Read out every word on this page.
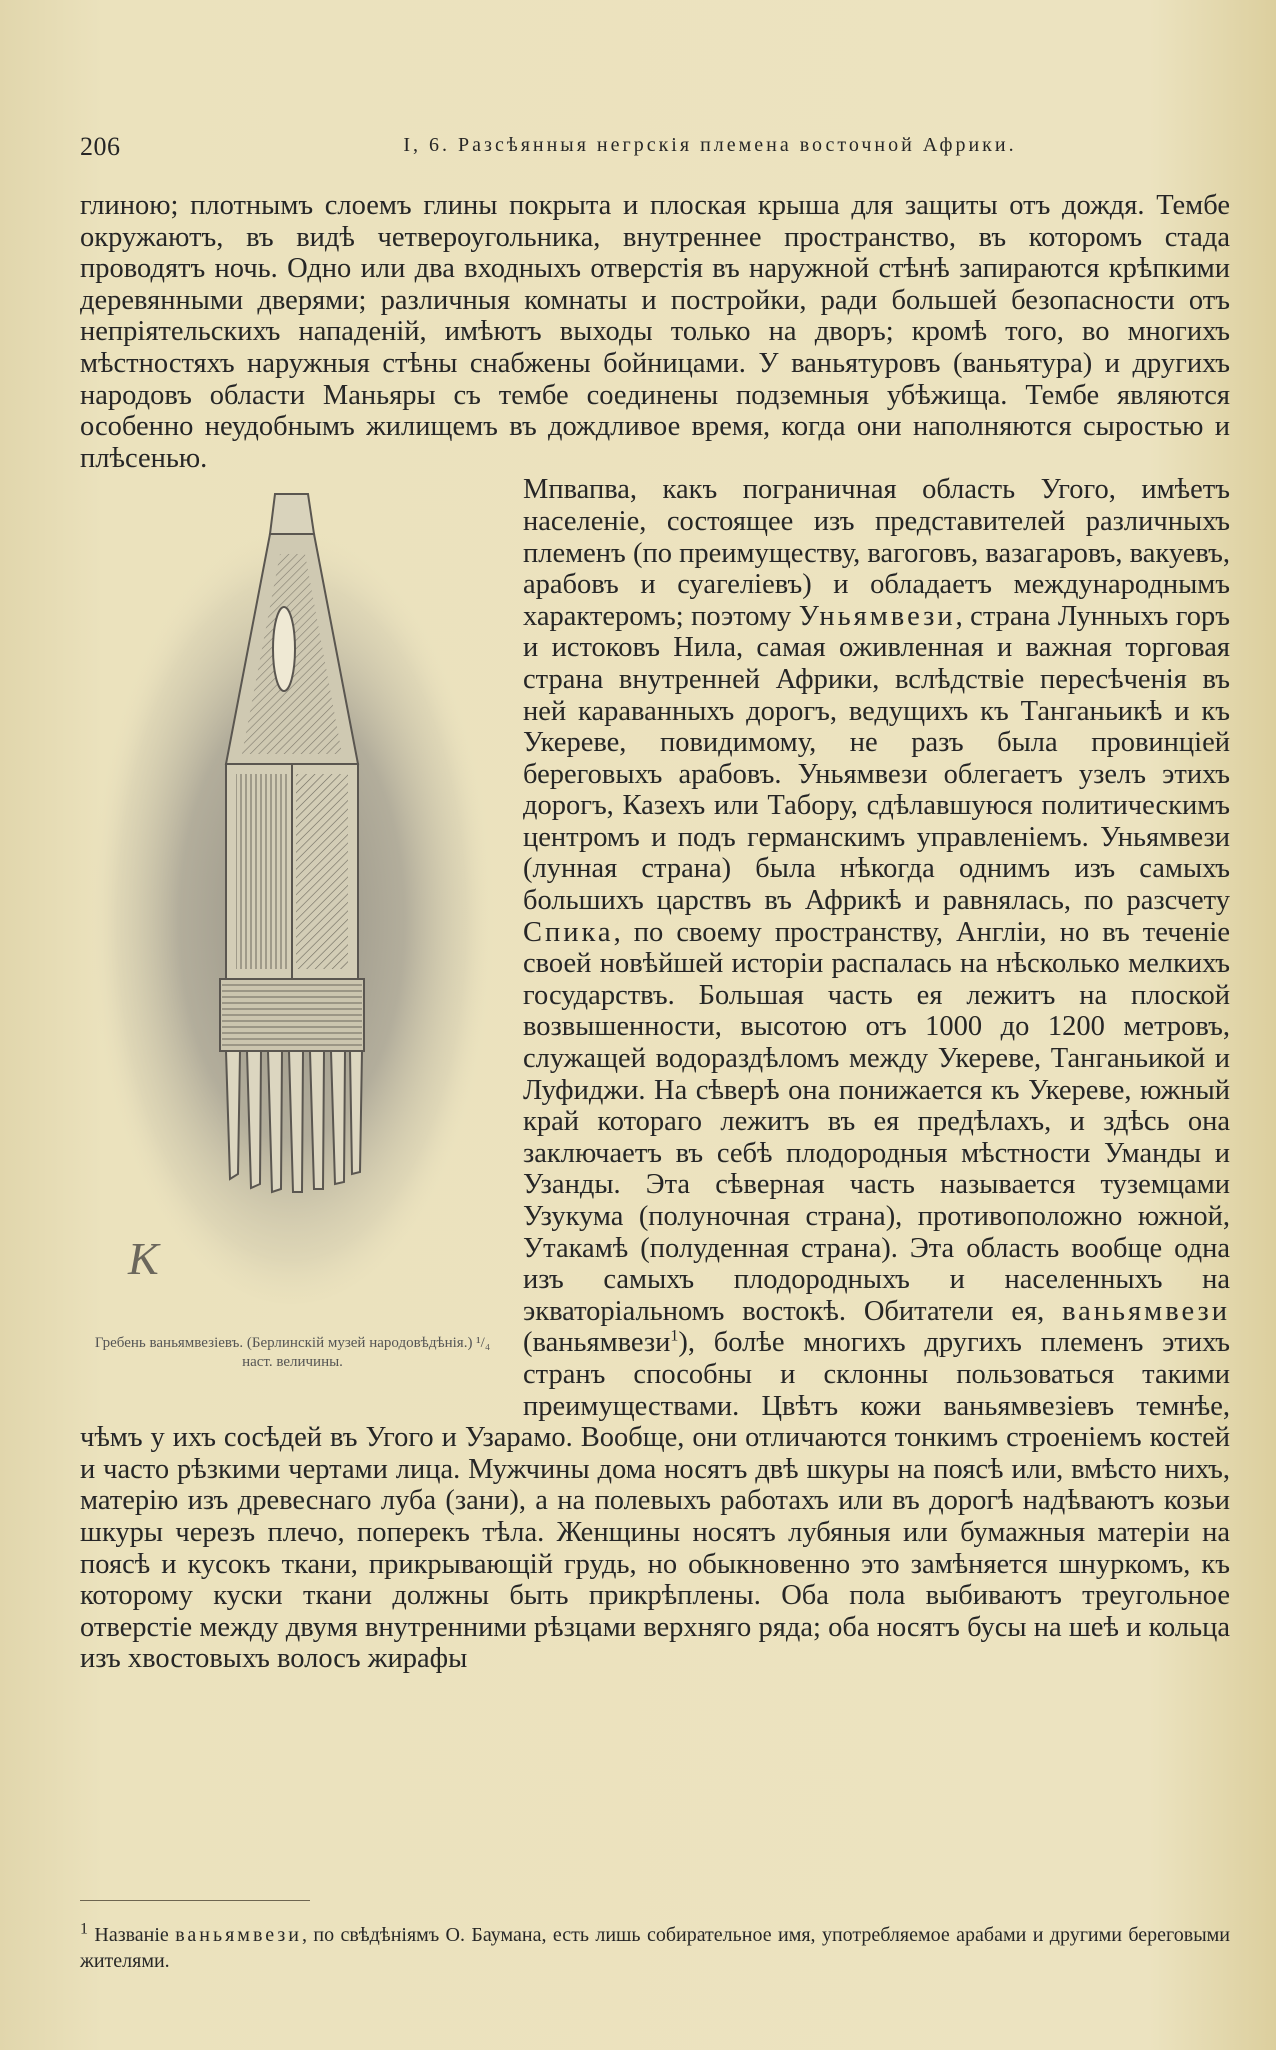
206	I, 6. Разсѣянныя негрскія племена восточной Африки.

глиною; плотнымъ слоемъ глины покрыта и плоская крыша для защиты отъ дождя. Тембе окружаютъ, въ видѣ четвероугольника, внутреннее пространство, въ которомъ стада проводятъ ночь. Одно или два входныхъ отверстія въ наружной стѣнѣ запираются крѣпкими деревянными дверями; различныя комнаты и постройки, ради большей безопасности отъ непріятельскихъ нападеній, имѣютъ выходы только на дворъ; кромѣ того, во многихъ мѣстностяхъ наружныя стѣны снабжены бойницами. У ваньятуровъ (ваньятура) и другихъ народовъ области Маньяры съ тембе соединены подземныя убѣжища. Тембе являются особенно неудобнымъ жилищемъ въ дождливое время, когда они наполняются сыростью и плѣсенью.

К
Гребень ваньямвезіевъ. (Берлинскій музей народовѣдѣнія.) ¹/₄ наст. величины.

Мпвапва, какъ пограничная область Угого, имѣетъ населеніе, состоящее изъ представителей различныхъ племенъ (по преимуществу, вагоговъ, вазагаровъ, вакуевъ, арабовъ и суагеліевъ) и обладаетъ международнымъ характеромъ; поэтому Уньямвези, страна Лунныхъ горъ и истоковъ Нила, самая оживленная и важная торговая страна внутренней Африки, вслѣдствіе пересѣченія въ ней караванныхъ дорогъ, ведущихъ къ Танганьикѣ и къ Укереве, повидимому, не разъ была провинціей береговыхъ арабовъ. Уньямвези облегаетъ узелъ этихъ дорогъ, Казехъ или Табору, сдѣлавшуюся политическимъ центромъ и подъ германскимъ управленіемъ. Уньямвези (лунная страна) была нѣкогда однимъ изъ самыхъ большихъ царствъ въ Африкѣ и равнялась, по разсчету Спика, по своему пространству, Англіи, но въ теченіе своей новѣйшей исторіи распалась на нѣсколько мелкихъ государствъ. Большая часть ея лежитъ на плоской возвышенности, высотою отъ 1000 до 1200 метровъ, служащей водораздѣломъ между Укереве, Танганьикой и Луфиджи. На сѣверѣ она понижается къ Укереве, южный край котораго лежитъ въ ея предѣлахъ, и здѣсь она заключаетъ въ себѣ плодородныя мѣстности Уманды и Узанды. Эта сѣверная часть называется туземцами Узукума (полуночная страна), противоположно южной, Утакамѣ (полуденная страна). Эта область вообще одна изъ самыхъ плодородныхъ и населенныхъ на экваторіальномъ востокѣ. Обитатели ея, ваньямвези (ваньямвези$^1$), болѣе многихъ другихъ племенъ этихъ странъ способны и склонны пользоваться такими преимуществами. Цвѣтъ кожи ваньямвезіевъ темнѣе, чѣмъ у ихъ сосѣдей въ Угого и Узарамо. Вообще, они отличаются тонкимъ строеніемъ костей и часто рѣзкими чертами лица. Мужчины дома носятъ двѣ шкуры на поясѣ или, вмѣсто нихъ, матерію изъ древеснаго луба (зани), а на полевыхъ работахъ или въ дорогѣ надѣваютъ козьи шкуры черезъ плечо, поперекъ тѣла. Женщины носятъ лубяныя или бумажныя матеріи на поясѣ и кусокъ ткани, прикрывающій грудь, но обыкновенно это замѣняется шнуркомъ, къ которому куски ткани должны быть прикрѣплены. Оба пола выбиваютъ треугольное отверстіе между двумя внутренними рѣзцами верхняго ряда; оба носятъ бусы на шеѣ и кольца изъ хвостовыхъ волосъ жирафы

$^1$ Названіе ваньямвези, по свѣдѣніямъ О. Баумана, есть лишь собирательное имя, употребляемое арабами и другими береговыми жителями.
